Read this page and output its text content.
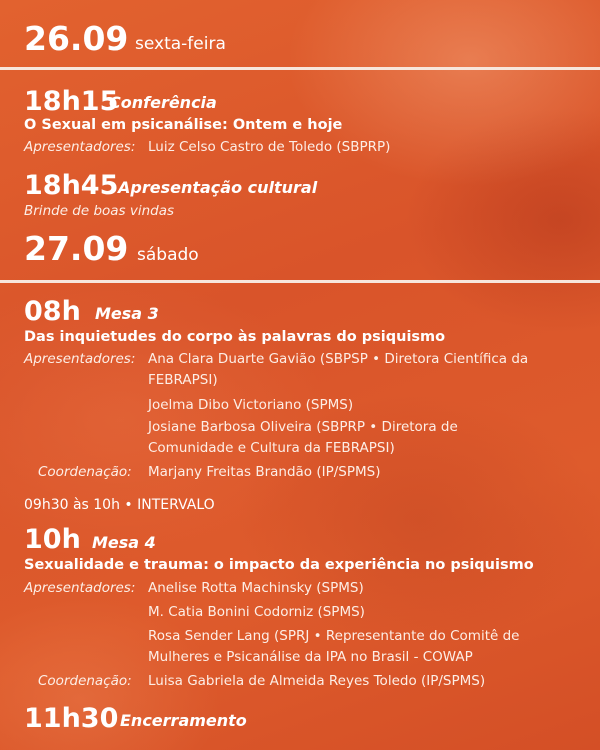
26.09 sexta-feira
18h15
Conferência
O Sexual em psicanálise: Ontem e hoje
Apresentadores: Luiz Celso Castro de Toledo (SBPRP)
18h45 Apresentação cultural
Brinde de boas vindas
27.09 sábado
08h Mesa 3
Das inquietudes do corpo às palavras do psiquismo
Apresentadores: Ana Clara Duarte Gavião (SBPSP • Diretora Científica da
FEBRAPSI)
Joelma Dibo Victoriano (SPMS)
Josiane Barbosa Oliveira (SBPRP • Diretora de
Comunidade e Cultura da FEBRAPSI)
Coordenação: Marjany Freitas Brandão (IP/SPMS)
09h30 às 10h • INTERVALO
10h Mesa 4
Sexualidade e trauma: o impacto da experiência no psiquismo
Apresentadores: Anelise Rotta Machinsky (SPMS)
M. Catia Bonini Codorniz (SPMS)
Rosa Sender Lang (SPRJ • Representante do Comitê de
Mulheres e Psicanálise da IPA no Brasil - COWAP
Coordenação: Luisa Gabriela de Almeida Reyes Toledo (IP/SPMS)
11h30 Encerramento
